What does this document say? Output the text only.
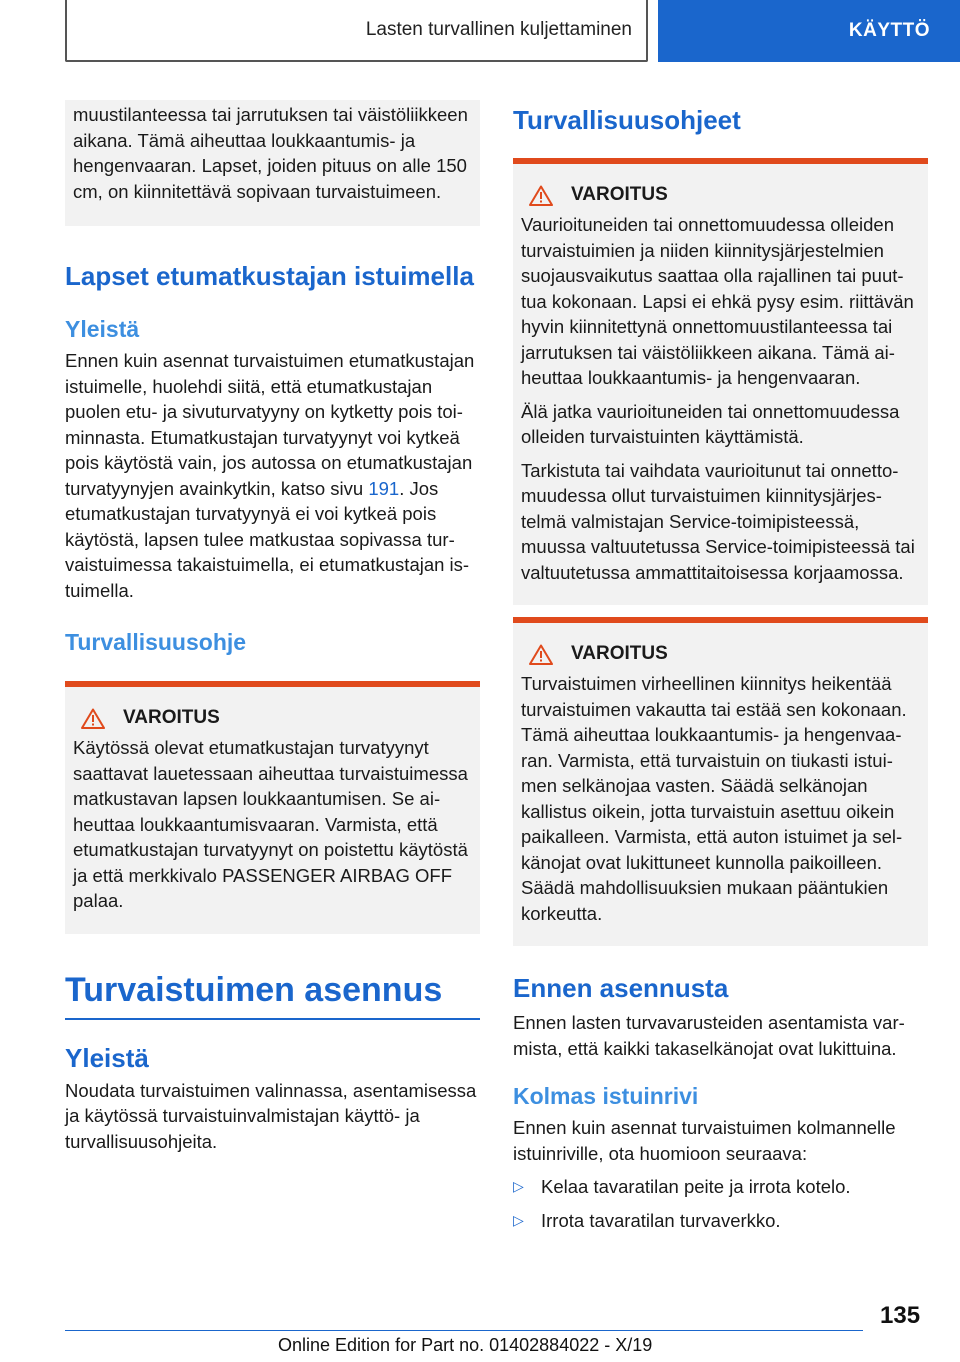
Lasten turvallinen kuljettaminen	KÄYTTÖ

muustilanteessa tai jarrutuksen tai väistöliikkeen aikana. Tämä aiheuttaa loukkaantumis- ja hengenvaaran. Lapset, joiden pituus on alle 150 cm, on kiinnitettävä sopivaan turvaistuimeen.

Lapset etumatkustajan istuimella
Yleistä

Ennen kuin asennat turvaistuimen etumatkustajan istuimelle, huolehdi siitä, että etumatkustajan puolen etu- ja sivuturvatyyny on kytketty pois toiminnasta. Etumatkustajan turvatyynyt voi kytkeä pois käytöstä vain, jos autossa on etumatkustajan turvatyynyjen avainkytkin, katso sivu 191. Jos etumatkustajan turvatyynyä ei voi kytkeä pois käytöstä, lapsen tulee matkustaa sopivassa turvaistuimessa takaistuimella, ei etumatkustajan istuimella.

Turvallisuusohje
VAROITUS

Käytössä olevat etumatkustajan turvatyynyt saattavat lauetessaan aiheuttaa turvaistuimessa matkustavan lapsen loukkaantumisen. Se aiheuttaa loukkaantumisvaaran. Varmista, että etumatkustajan turvatyynyt on poistettu käytöstä ja että merkkivalo PASSENGER AIRBAG OFF palaa.

Turvaistuimen asennus
Yleistä

Noudata turvaistuimen valinnassa, asentamisessa ja käytössä turvaistuinvalmistajan käyttö- ja turvallisuusohjeita.

Turvallisuusohjeet
VAROITUS

Vaurioituneiden tai onnettomuudessa olleiden turvaistuimien ja niiden kiinnitysjärjestelmien suojausvaikutus saattaa olla rajallinen tai puuttua kokonaan. Lapsi ei ehkä pysy esim. riittävän hyvin kiinnitettynä onnettomuustilanteessa tai jarrutuksen tai väistöliikkeen aikana. Tämä aiheuttaa loukkaantumis- ja hengenvaaran.

Älä jatka vaurioituneiden tai onnettomuudessa olleiden turvaistuinten käyttämistä.

Tarkistuta tai vaihdata vaurioitunut tai onnettomuudessa ollut turvaistuimen kiinnitysjärjestelmä valmistajan Service-toimipisteessä, muussa valtuutetussa Service-toimipisteessä tai valtuutetussa ammattitaitoisessa korjaamossa.

VAROITUS

Turvaistuimen virheellinen kiinnitys heikentää turvaistuimen vakautta tai estää sen kokonaan. Tämä aiheuttaa loukkaantumis- ja hengenvaaran. Varmista, että turvaistuin on tiukasti istuimen selkänojaa vasten. Säädä selkänojan kallistus oikein, jotta turvaistuin asettuu oikein paikalleen. Varmista, että auton istuimet ja selkänojat ovat lukittuneet kunnolla paikoilleen. Säädä mahdollisuuksien mukaan pääntukien korkeutta.

Ennen asennusta

Ennen lasten turvavarusteiden asentamista varmista, että kaikki takaselkänojat ovat lukittuina.

Kolmas istuinrivi

Ennen kuin asennat turvaistuimen kolmannelle istuinriville, ota huomioon seuraava:

▷ Kelaa tavaratilan peite ja irrota kotelo.
▷ Irrota tavaratilan turvaverkko.
135
Online Edition for Part no. 01402884022 - X/19
